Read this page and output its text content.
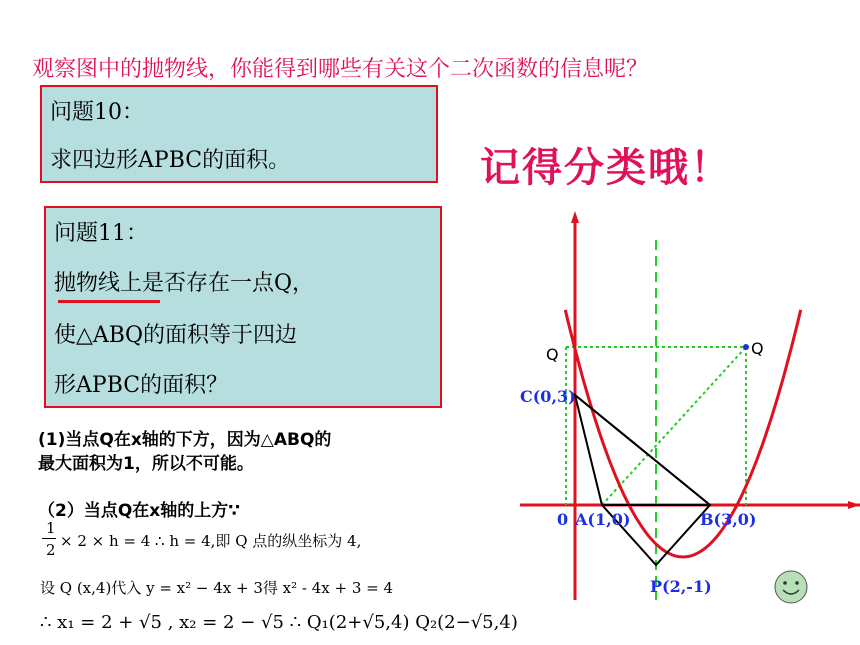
观察图中的抛物线，你能得到哪些有关这个二次函数的信息呢？
问题10：
求四边形APBC的面积。	记得分类哦！
问题11：
抛物线上是否存在一点Q，
使△ABQ的面积等于四边
形APBC的面积？
(1)当点Q在x轴的下方，因为△ABQ的
最大面积为1，所以不可能。
（2）当点Q在x轴的上方∵
1
2 × 2 × h = 4 ∴ h = 4,即 Q 点的纵坐标为 4,
设 Q (x,4)代入 y = x² − 4x + 3得 x² - 4x + 3 = 4
∴ x₁ = 2 + √5 , x₂ = 2 − √5 ∴ Q₁(2+√5,4) Q₂(2−√5,4)
C(0,3)
0 A(1,0)	B(3,0)
P(2,-1)
Q	Q
